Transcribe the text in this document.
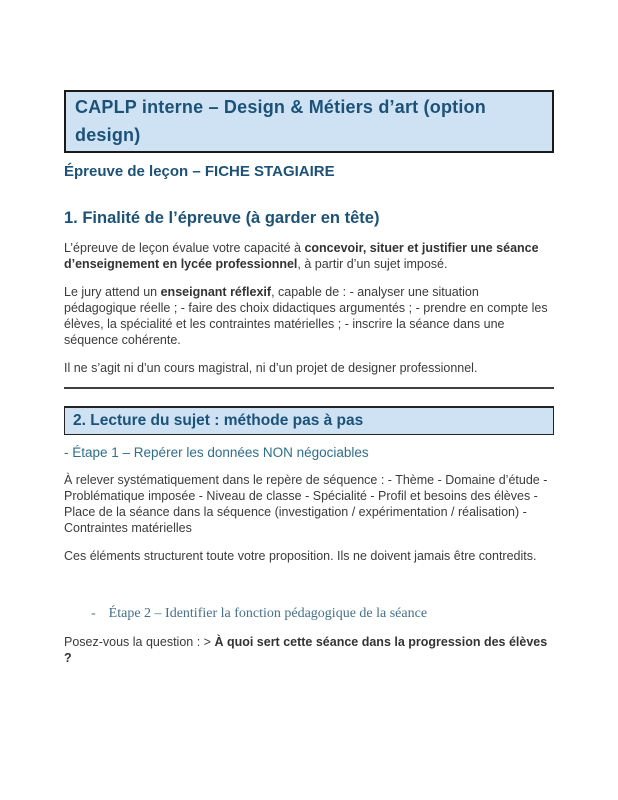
CAPLP interne – Design & Métiers d’art (option design)
Épreuve de leçon – FICHE STAGIAIRE
1. Finalité de l’épreuve (à garder en tête)

L’épreuve de leçon évalue votre capacité à concevoir, situer et justifier une séance d’enseignement en lycée professionnel, à partir d’un sujet imposé.

Le jury attend un enseignant réflexif, capable de : - analyser une situation pédagogique réelle ; - faire des choix didactiques argumentés ; - prendre en compte les élèves, la spécialité et les contraintes matérielles ; - inscrire la séance dans une séquence cohérente.

Il ne s’agit ni d’un cours magistral, ni d’un projet de designer professionnel.

2. Lecture du sujet : méthode pas à pas
- Étape 1 – Repérer les données NON négociables

À relever systématiquement dans le repère de séquence : - Thème - Domaine d’étude - Problématique imposée - Niveau de classe - Spécialité - Profil et besoins des élèves - Place de la séance dans la séquence (investigation / expérimentation / réalisation) - Contraintes matérielles

Ces éléments structurent toute votre proposition. Ils ne doivent jamais être contredits.

- Étape 2 – Identifier la fonction pédagogique de la séance

Posez-vous la question : > À quoi sert cette séance dans la progression des élèves ?
